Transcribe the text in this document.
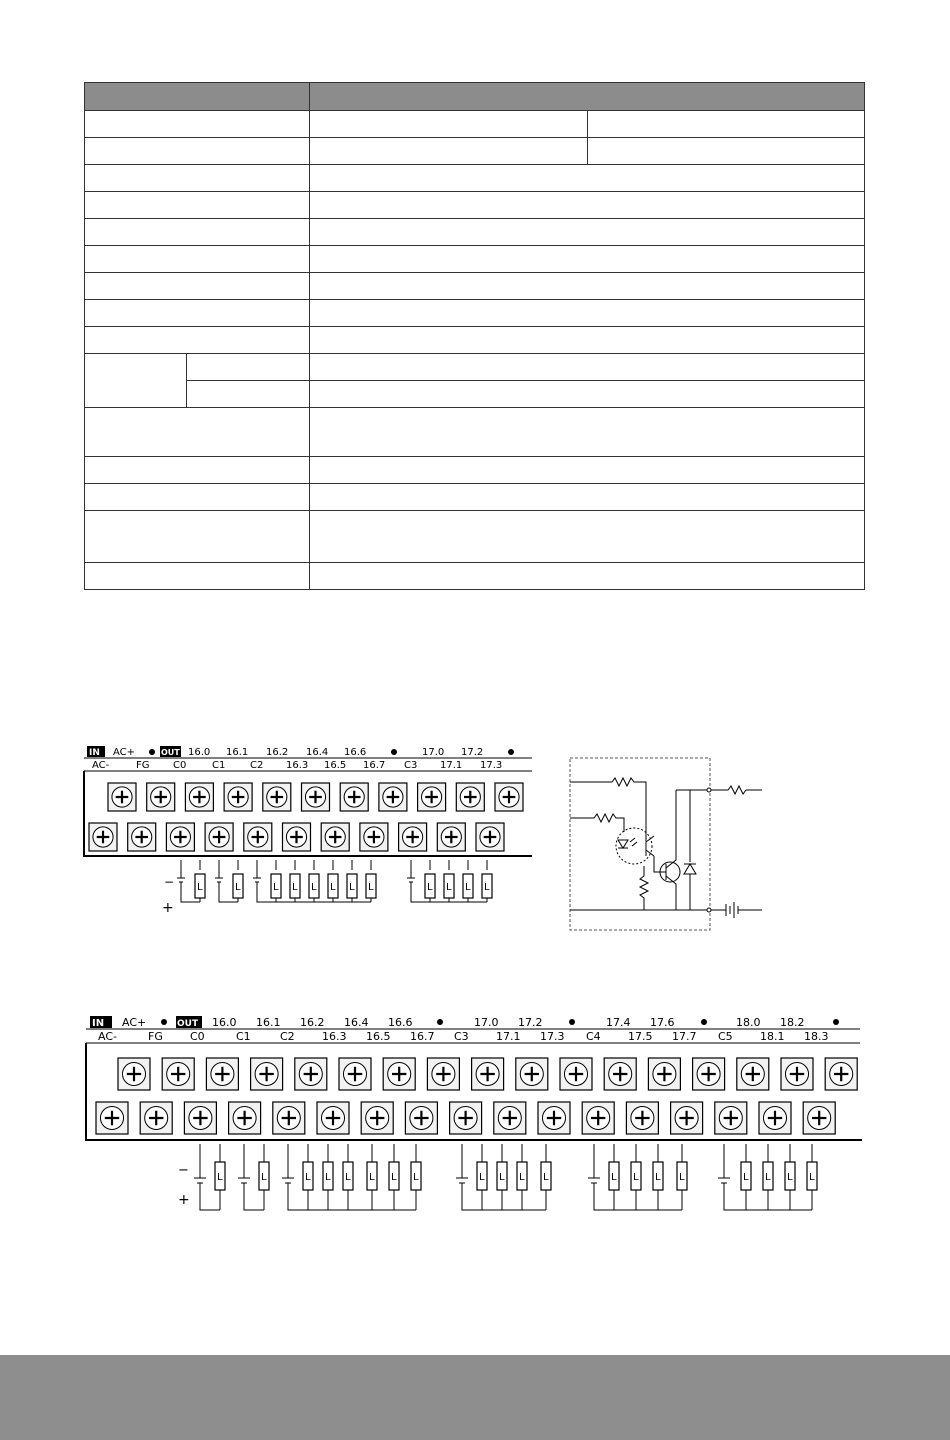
IN AC+	OUT 16.0 16.1 16.2 16.4 16.6	17.0 17.2
AC-	FG C0	C1 C2 16.3 16.5 16.7 C3 17.1 17.3
L	L	L L L L L L	L L L L
−
+
IN AC+	OUT 16.0 16.1 16.2 16.4 16.6	17.0 17.2	17.4 17.6	18.0 18.2
AC-	FG C0	C1	C2 16.3 16.5 16.7 C3 17.1 17.3 C4 17.5 17.7 C5 18.1 18.3
L	L	L L L L L L	L L L L	L L L L	L L L L
−
+
